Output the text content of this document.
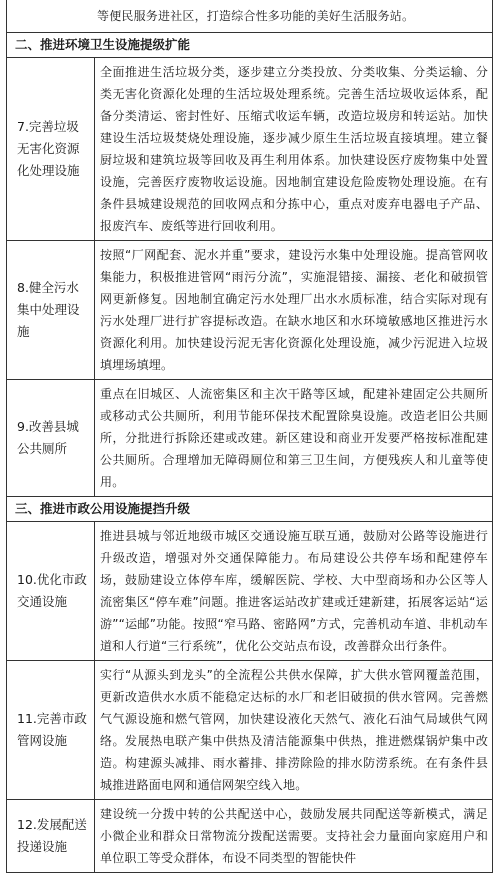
等便民服务进社区，打造综合性多功能的美好生活服务站。	
二、推进环境卫生设施提级扩能	
7.完善垃圾无害化资源化处理设施	全面推进生活垃圾分类，逐步建立分类投放、分类收集、分类运输、分类无害化资源化处理的生活垃圾处理系统。完善生活垃圾收运体系，配备分类清运、密封性好、压缩式收运车辆，改造垃圾房和转运站。加快建设生活垃圾焚烧处理设施，逐步减少原生生活垃圾直接填埋。建立餐厨垃圾和建筑垃圾等回收及再生利用体系。加快建设医疗废物集中处置设施，完善医疗废物收运设施。因地制宜建设危险废物处理设施。在有条件县城建设规范的回收网点和分拣中心，重点对废弃电器电子产品、报废汽车、废纸等进行回收利用。
8.健全污水集中处理设施	按照“厂网配套、泥水并重”要求，建设污水集中处理设施。提高管网收集能力，积极推进管网“雨污分流”，实施混错接、漏接、老化和破损管网更新修复。因地制宜确定污水处理厂出水水质标准，结合实际对现有污水处理厂进行扩容提标改造。在缺水地区和水环境敏感地区推进污水资源化利用。加快建设污泥无害化资源化处理设施，减少污泥进入垃圾填埋场填埋。
9.改善县城公共厕所	重点在旧城区、人流密集区和主次干路等区域，配建补建固定公共厕所或移动式公共厕所，利用节能环保技术配置除臭设施。改造老旧公共厕所，分批进行拆除还建或改建。新区建设和商业开发要严格按标准配建公共厕所。合理增加无障碍厕位和第三卫生间，方便残疾人和儿童等使用。
三、推进市政公用设施提挡升级	
10.优化市政交通设施	推进县城与邻近地级市城区交通设施互联互通，鼓励对公路等设施进行升级改造，增强对外交通保障能力。布局建设公共停车场和配建停车场，鼓励建设立体停车库，缓解医院、学校、大中型商场和办公区等人流密集区“停车难”问题。推进客运站改扩建或迁建新建，拓展客运站“运游”“运邮”功能。按照“窄马路、密路网”方式，完善机动车道、非机动车道和人行道“三行系统”，优化公交站点布设，改善群众出行条件。
11.完善市政管网设施	实行“从源头到龙头”的全流程公共供水保障，扩大供水管网覆盖范围，更新改造供水水质不能稳定达标的水厂和老旧破损的供水管网。完善燃气气源设施和燃气管网，加快建设液化天然气、液化石油气局域供气网络。发展热电联产集中供热及清洁能源集中供热，推进燃煤锅炉集中改造。构建源头减排、雨水蓄排、排涝除险的排水防涝系统。在有条件县城推进路面电网和通信网架空线入地。
12.发展配送投递设施	建设统一分拨中转的公共配送中心，鼓励发展共同配送等新模式，满足小微企业和群众日常物流分拨配送需要。支持社会力量面向家庭用户和单位职工等受众群体，布设不同类型的智能快件
